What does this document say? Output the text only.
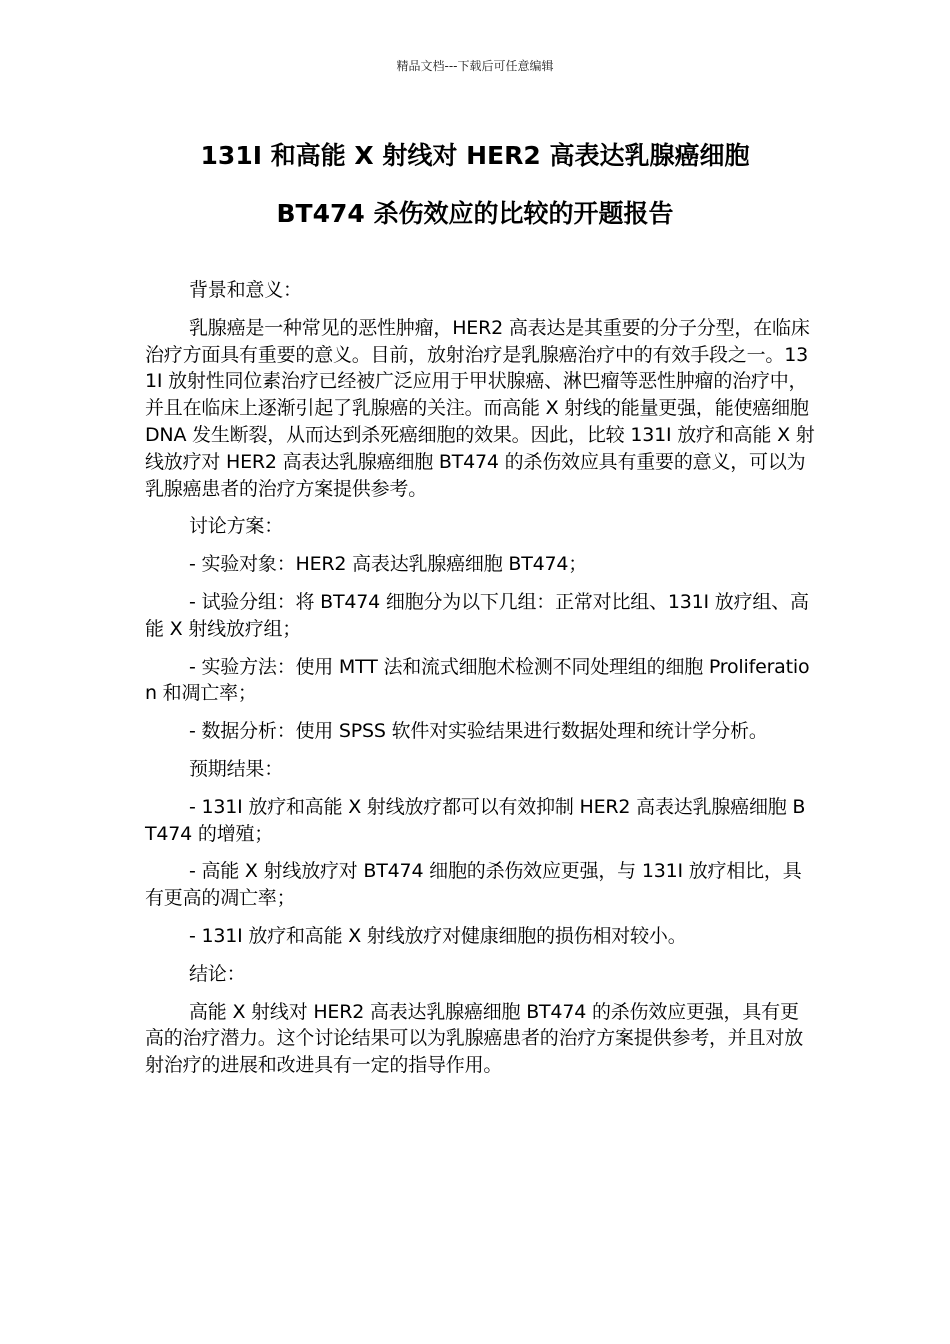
精品文档---下载后可任意编辑
131I 和高能 X 射线对 HER2 高表达乳腺癌细胞
BT474 杀伤效应的比较的开题报告

背景和意义：

乳腺癌是一种常见的恶性肿瘤，HER2 高表达是其重要的分子分型，在临床治疗方面具有重要的意义。目前，放射治疗是乳腺癌治疗中的有效手段之一。131I 放射性同位素治疗已经被广泛应用于甲状腺癌、淋巴瘤等恶性肿瘤的治疗中，并且在临床上逐渐引起了乳腺癌的关注。而高能 X 射线的能量更强，能使癌细胞 DNA 发生断裂，从而达到杀死癌细胞的效果。因此，比较 131I 放疗和高能 X 射线放疗对 HER2 高表达乳腺癌细胞 BT474 的杀伤效应具有重要的意义，可以为乳腺癌患者的治疗方案提供参考。

讨论方案：

- 实验对象：HER2 高表达乳腺癌细胞 BT474；

- 试验分组：将 BT474 细胞分为以下几组：正常对比组、131I 放疗组、高能 X 射线放疗组；

- 实验方法：使用 MTT 法和流式细胞术检测不同处理组的细胞 Proliferation 和凋亡率；

- 数据分析：使用 SPSS 软件对实验结果进行数据处理和统计学分析。

预期结果：

- 131I 放疗和高能 X 射线放疗都可以有效抑制 HER2 高表达乳腺癌细胞 BT474 的增殖；

- 高能 X 射线放疗对 BT474 细胞的杀伤效应更强，与 131I 放疗相比，具有更高的凋亡率；

- 131I 放疗和高能 X 射线放疗对健康细胞的损伤相对较小。

结论：

高能 X 射线对 HER2 高表达乳腺癌细胞 BT474 的杀伤效应更强，具有更高的治疗潜力。这个讨论结果可以为乳腺癌患者的治疗方案提供参考，并且对放射治疗的进展和改进具有一定的指导作用。
